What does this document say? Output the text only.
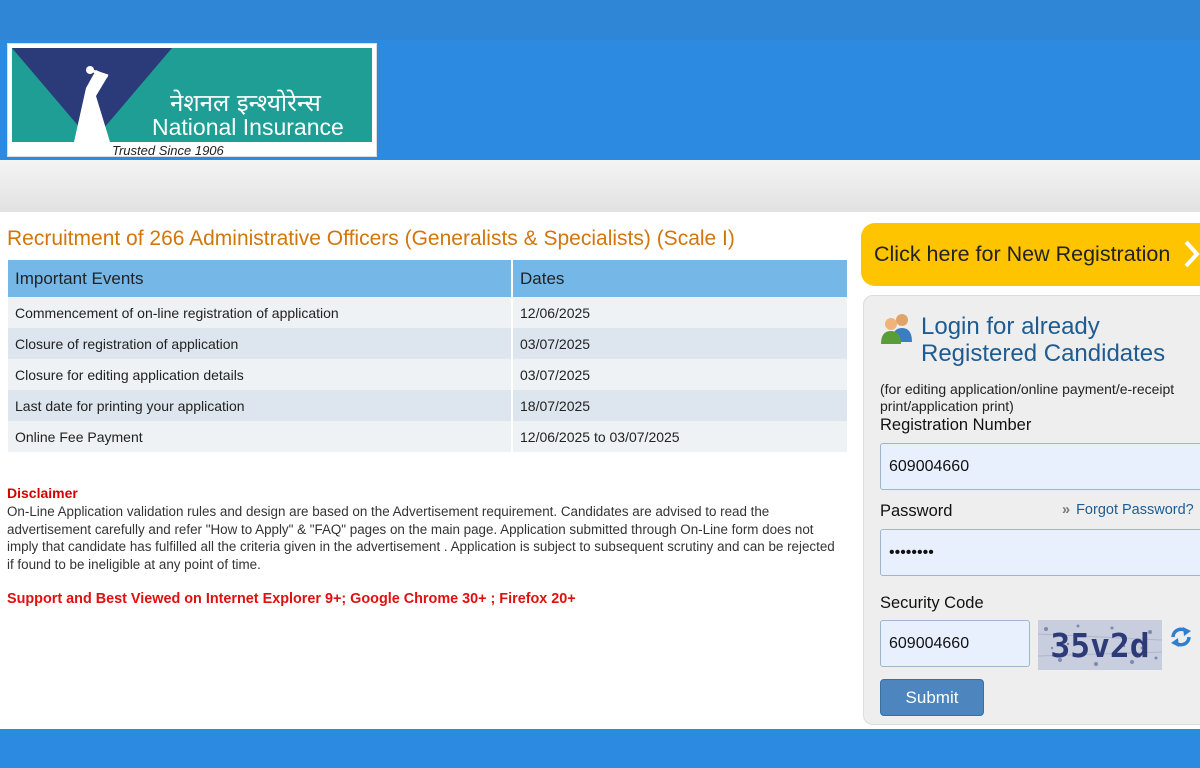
नेशनल इन्श्योरेन्स
National Insurance
Trusted Since 1906
Recruitment of 266 Administrative Officers (Generalists & Specialists) (Scale I)
Important Events	Dates
Commencement of on-line registration of application	12/06/2025
Closure of registration of application	03/07/2025
Closure for editing application details	03/07/2025
Last date for printing your application	18/07/2025
Online Fee Payment	12/06/2025 to 03/07/2025
Disclaimer

On-Line Application validation rules and design are based on the Advertisement requirement. Candidates are advised to read the advertisement carefully and refer "How to Apply" & "FAQ" pages on the main page. Application submitted through On-Line form does not imply that candidate has fulfilled all the criteria given in the advertisement . Application is subject to subsequent scrutiny and can be rejected if found to be ineligible at any point of time.

Support and Best Viewed on Internet Explorer 9+; Google Chrome 30+ ; Firefox 20+
Click here for New Registration
Login for already Registered Candidates
(for editing application/online payment/e-receipt print/application print)
Registration Number
609004660
Password	» Forgot Password?
••••••••
Security Code
609004660
35v2d
Submit
